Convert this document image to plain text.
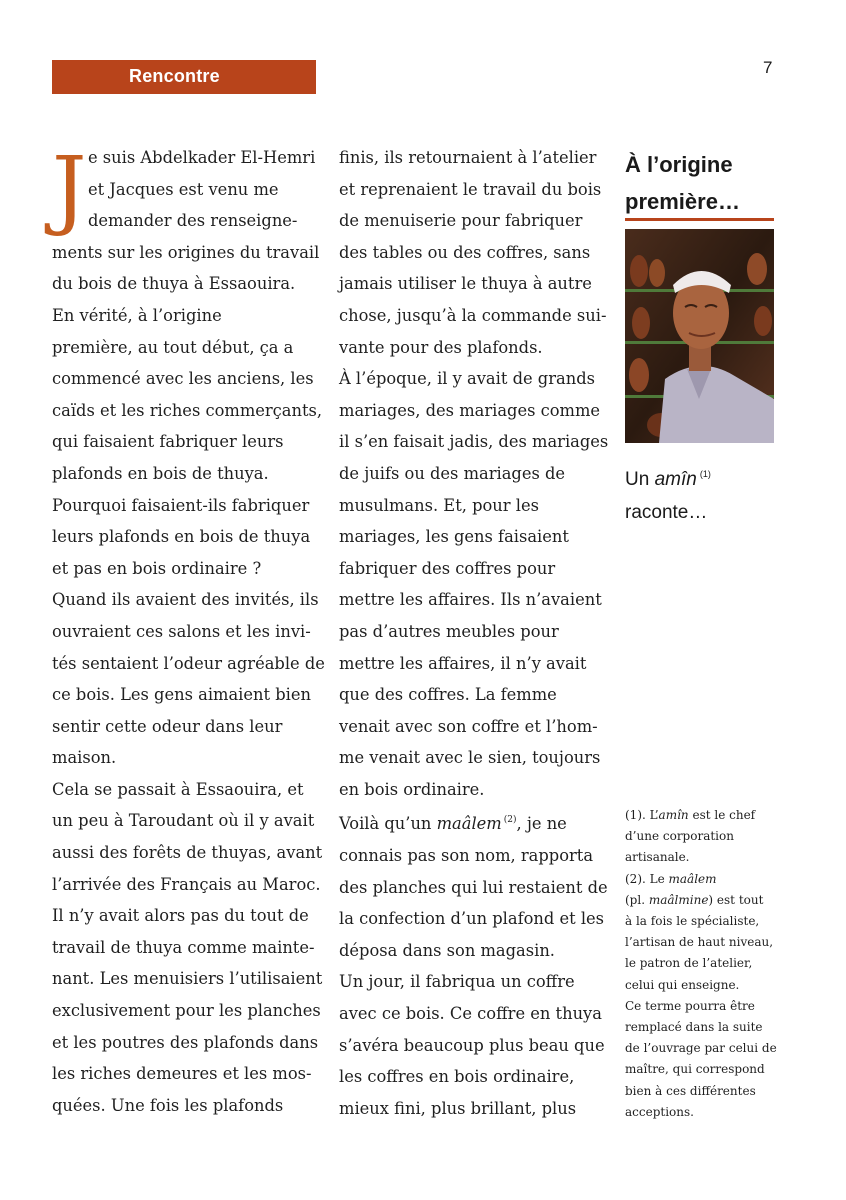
Rencontre	7
J e suis Abdelkader El-Hemri
et Jacques est venu me
demander des renseigne-
ments sur les origines du travail
du bois de thuya à Essaouira.
En vérité, à l’origine
première, au tout début, ça a
commencé avec les anciens, les
caïds et les riches commerçants,
qui faisaient fabriquer leurs
plafonds en bois de thuya.
Pourquoi faisaient-ils fabriquer
leurs plafonds en bois de thuya
et pas en bois ordinaire ?
Quand ils avaient des invités, ils
ouvraient ces salons et les invi-
tés sentaient l’odeur agréable de
ce bois. Les gens aimaient bien
sentir cette odeur dans leur
maison.
Cela se passait à Essaouira, et
un peu à Taroudant où il y avait
aussi des forêts de thuyas, avant
l’arrivée des Français au Maroc.
Il n’y avait alors pas du tout de
travail de thuya comme mainte-
nant. Les menuisiers l’utilisaient
exclusivement pour les planches
et les poutres des plafonds dans
les riches demeures et les mos-
quées. Une fois les plafonds
finis, ils retournaient à l’atelier
et reprenaient le travail du bois
de menuiserie pour fabriquer
des tables ou des coffres, sans
jamais utiliser le thuya à autre
chose, jusqu’à la commande sui-
vante pour des plafonds.
À l’époque, il y avait de grands
mariages, des mariages comme
il s’en faisait jadis, des mariages
de juifs ou des mariages de
musulmans. Et, pour les
mariages, les gens faisaient
fabriquer des coffres pour
mettre les affaires. Ils n’avaient
pas d’autres meubles pour
mettre les affaires, il n’y avait
que des coffres. La femme
venait avec son coffre et l’hom-
me venait avec le sien, toujours
en bois ordinaire.
Voilà qu’un maâlem $^{(2)}$, je ne
connais pas son nom, rapporta
des planches qui lui restaient de
la confection d’un plafond et les
déposa dans son magasin.
Un jour, il fabriqua un coffre
avec ce bois. Ce coffre en thuya
s’avéra beaucoup plus beau que
les coffres en bois ordinaire,
mieux fini, plus brillant, plus
À l’origine
première…
Un amîn $^{(1)}$
raconte…
(1). L’amîn est le chef
d’une corporation
artisanale.
(2). Le maâlem
(pl. maâlmine) est tout
à la fois le spécialiste,
l’artisan de haut niveau,
le patron de l’atelier,
celui qui enseigne.
Ce terme pourra être
remplacé dans la suite
de l’ouvrage par celui de
maître, qui correspond
bien à ces différentes
acceptions.
